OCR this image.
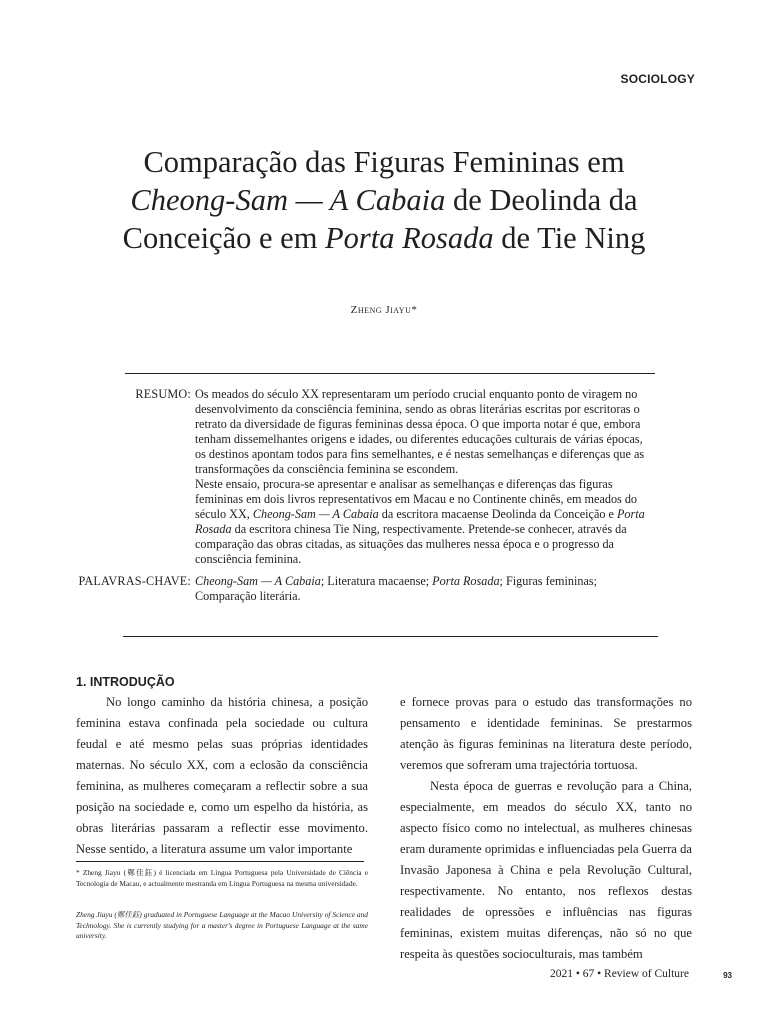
SOCIOLOGY
Comparação das Figuras Femininas em
Cheong-Sam — A Cabaia de Deolinda da
Conceição e em Porta Rosada de Tie Ning
Zheng Jiayu*
RESUMO: Os meados do século XX representaram um período crucial enquanto ponto de viragem no desenvolvimento da consciência feminina, sendo as obras literárias escritas por escritoras o retrato da diversidade de figuras femininas dessa época. O que importa notar é que, embora tenham dissemelhantes origens e idades, ou diferentes educações culturais de várias épocas, os destinos apontam todos para fins semelhantes, e é nestas semelhanças e diferenças que as transformações da consciência feminina se escondem.

Neste ensaio, procura-se apresentar e analisar as semelhanças e diferenças das figuras femininas em dois livros representativos em Macau e no Continente chinês, em meados do século XX, Cheong-Sam — A Cabaia da escritora macaense Deolinda da Conceição e Porta Rosada da escritora chinesa Tie Ning, respectivamente. Pretende-se conhecer, através da comparação das obras citadas, as situações das mulheres nessa época e o progresso da consciência feminina.

PALAVRAS-CHAVE: Cheong-Sam — A Cabaia; Literatura macaense; Porta Rosada; Figuras femininas; Comparação literária.

1. INTRODUÇÃO

No longo caminho da história chinesa, a posição feminina estava confinada pela sociedade ou cultura feudal e até mesmo pelas suas próprias identidades maternas. No século XX, com a eclosão da consciência feminina, as mulheres começaram a reflectir sobre a sua posição na sociedade e, como um espelho da história, as obras literárias passaram a reflectir esse movimento. Nesse sentido, a literatura assume um valor importante

e fornece provas para o estudo das transformações no pensamento e identidade femininas. Se prestarmos atenção às figuras femininas na literatura deste período, veremos que sofreram uma trajectória tortuosa.

Nesta época de guerras e revolução para a China, especialmente, em meados do século XX, tanto no aspecto físico como no intelectual, as mulheres chinesas eram duramente oprimidas e influenciadas pela Guerra da Invasão Japonesa à China e pela Revolução Cultural, respectivamente. No entanto, nos reflexos destas realidades de opressões e influências nas figuras femininas, existem muitas diferenças, não só no que respeita às questões socioculturais, mas também

* Zheng Jiayu (鄭佳鈺) é licenciada em Língua Portuguesa pela Universidade de Ciência e Tecnologia de Macau, e actualmente mestranda em Língua Portuguesa na mesma universidade.
Zheng Jiayu (鄭佳鈺) graduated in Portuguese Language at the Macao University of Science and Technology. She is currently studying for a master's degree in Portuguese Language at the same university.
2021 • 67 • Review of Culture	93
